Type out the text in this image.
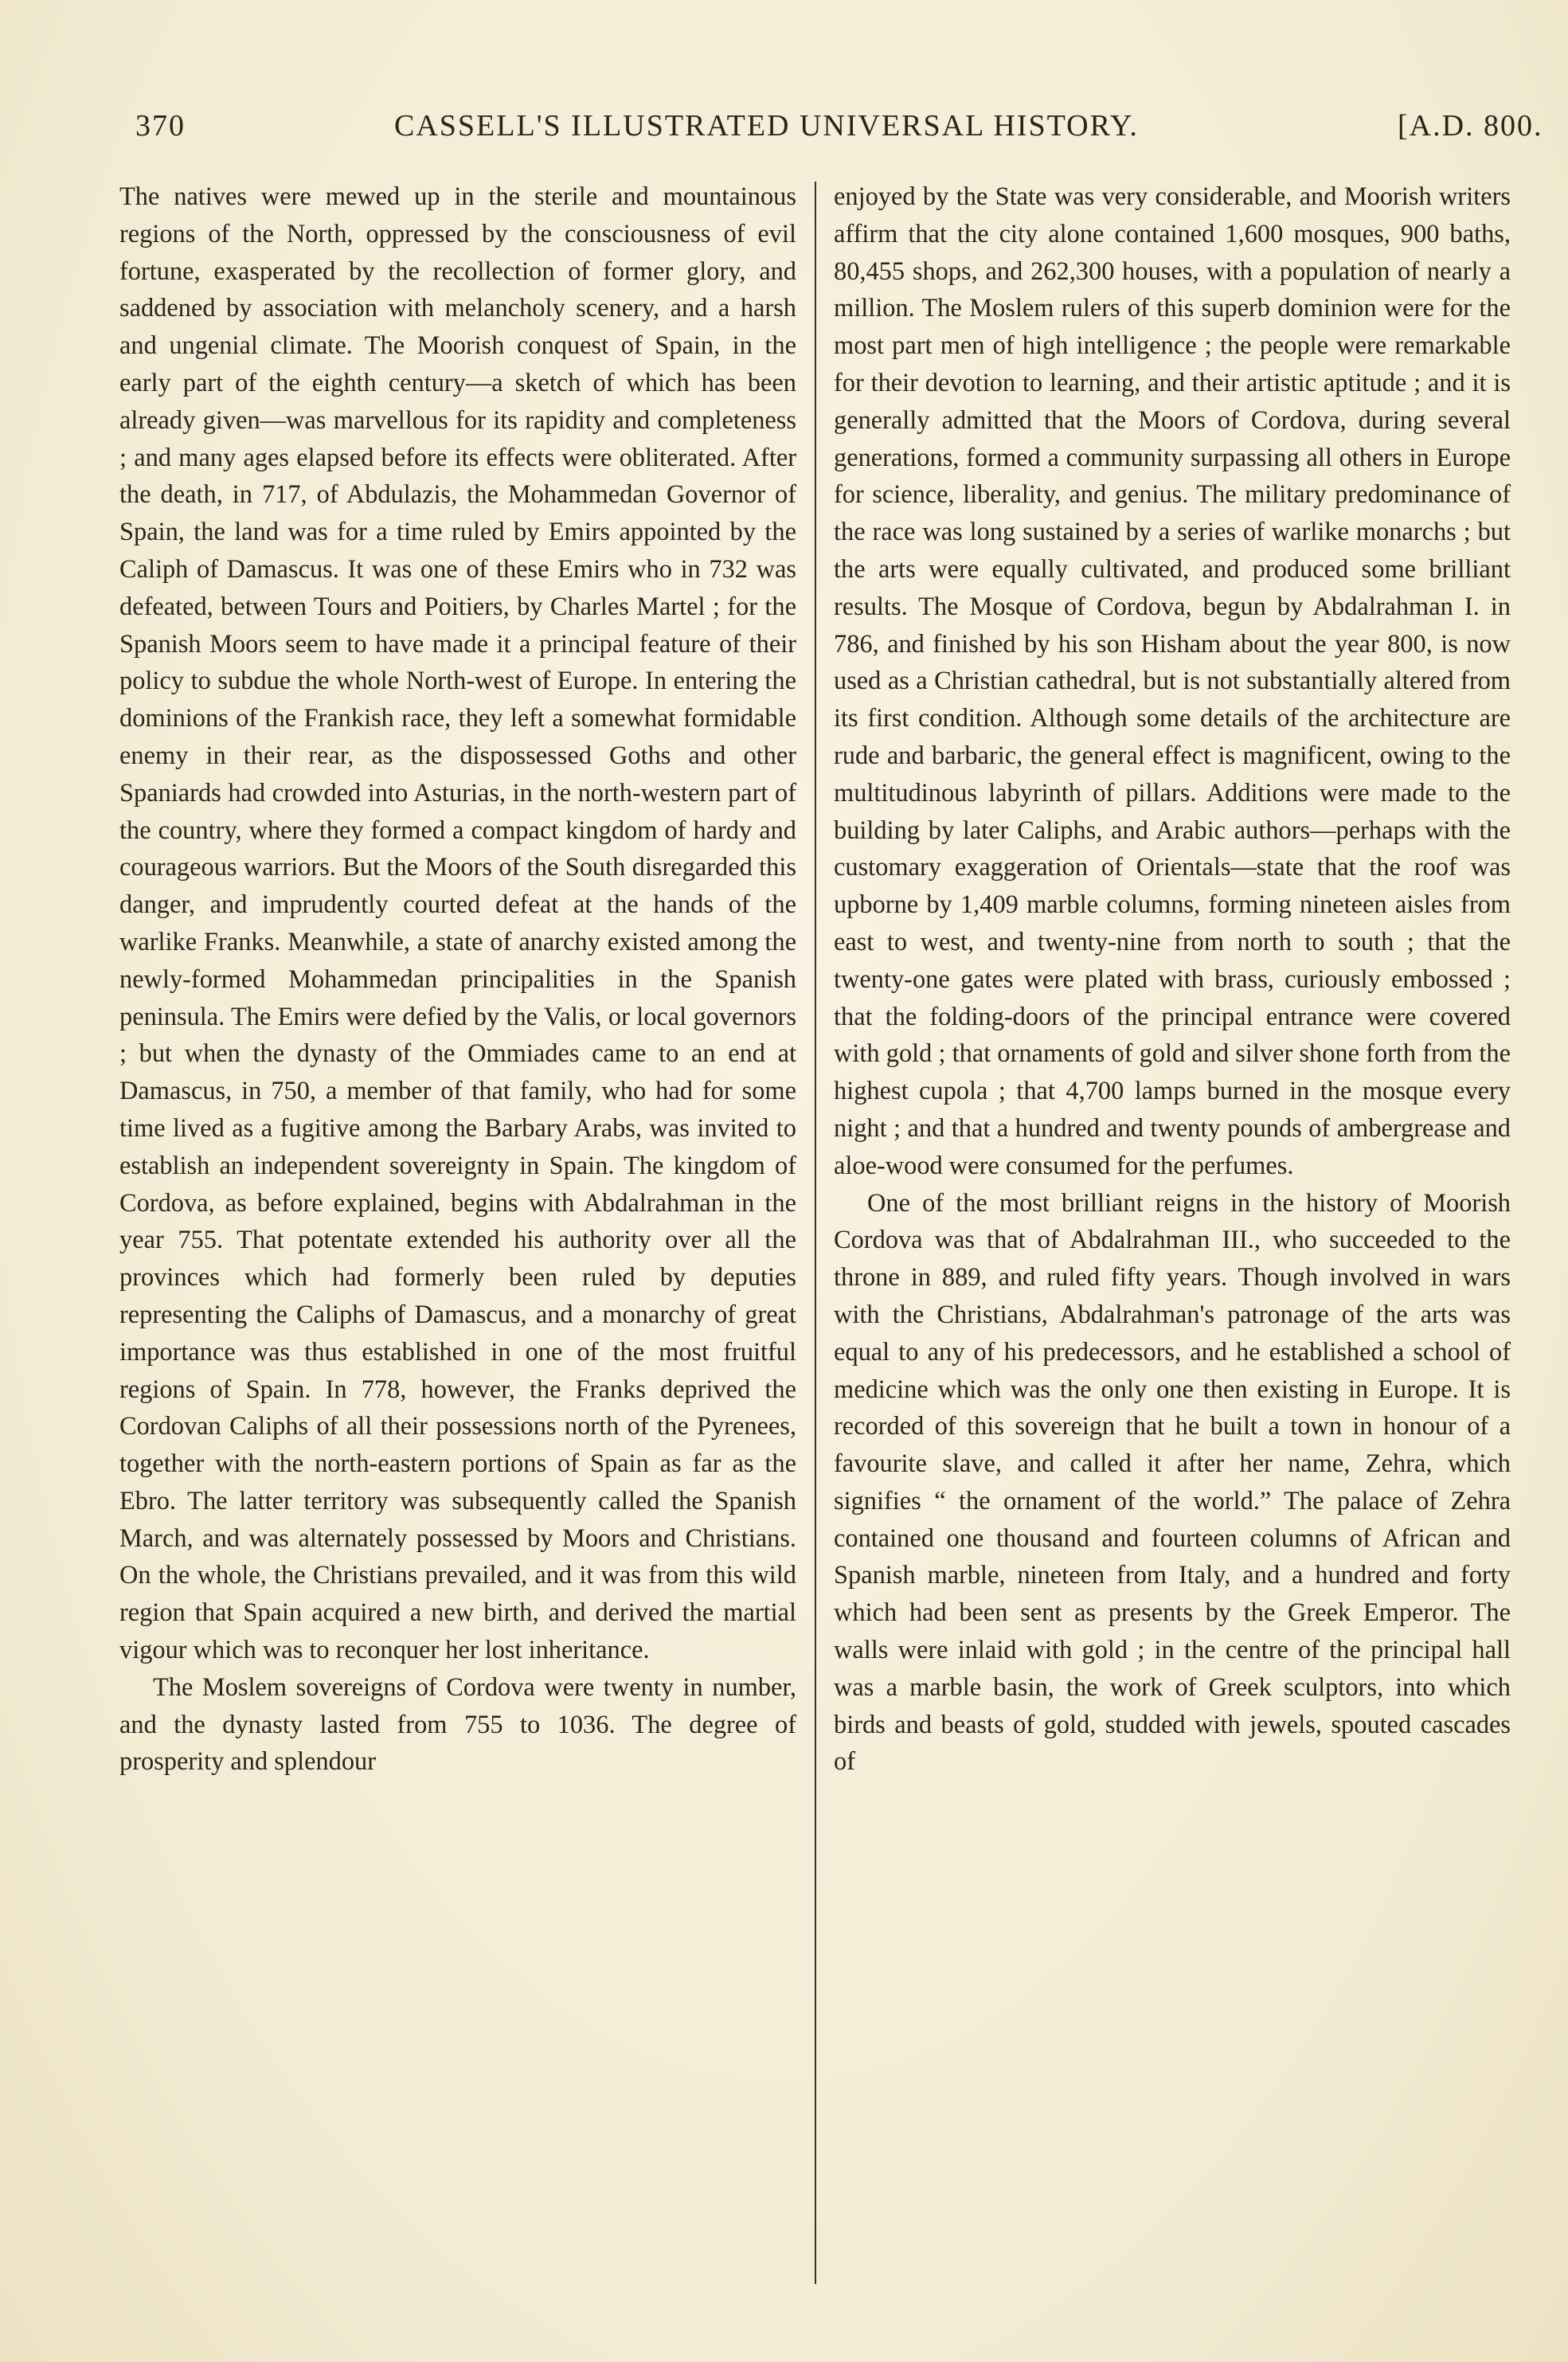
370	CASSELL'S ILLUSTRATED UNIVERSAL HISTORY.	[A.D. 800.

The natives were mewed up in the sterile and mountainous regions of the North, oppressed by the consciousness of evil fortune, exasperated by the recollection of former glory, and saddened by association with melancholy scenery, and a harsh and ungenial climate. The Moorish conquest of Spain, in the early part of the eighth century—a sketch of which has been already given—was marvellous for its rapidity and completeness ; and many ages elapsed before its effects were obliterated. After the death, in 717, of Abdulazis, the Mohammedan Governor of Spain, the land was for a time ruled by Emirs appointed by the Caliph of Damascus. It was one of these Emirs who in 732 was defeated, between Tours and Poitiers, by Charles Martel ; for the Spanish Moors seem to have made it a principal feature of their policy to subdue the whole North-west of Europe. In entering the dominions of the Frankish race, they left a somewhat formidable enemy in their rear, as the dispossessed Goths and other Spaniards had crowded into Asturias, in the north-western part of the country, where they formed a compact kingdom of hardy and courageous warriors. But the Moors of the South disregarded this danger, and imprudently courted defeat at the hands of the warlike Franks. Meanwhile, a state of anarchy existed among the newly-formed Mohammedan principalities in the Spanish peninsula. The Emirs were defied by the Valis, or local governors ; but when the dynasty of the Ommiades came to an end at Damascus, in 750, a member of that family, who had for some time lived as a fugitive among the Barbary Arabs, was invited to establish an independent sovereignty in Spain. The kingdom of Cordova, as before explained, begins with Abdalrahman in the year 755. That potentate extended his authority over all the provinces which had formerly been ruled by deputies representing the Caliphs of Damascus, and a monarchy of great importance was thus established in one of the most fruitful regions of Spain. In 778, however, the Franks deprived the Cordovan Caliphs of all their possessions north of the Pyrenees, together with the north-eastern portions of Spain as far as the Ebro. The latter territory was subsequently called the Spanish March, and was alternately possessed by Moors and Christians. On the whole, the Christians prevailed, and it was from this wild region that Spain acquired a new birth, and derived the martial vigour which was to reconquer her lost inheritance.

The Moslem sovereigns of Cordova were twenty in number, and the dynasty lasted from 755 to 1036. The degree of prosperity and splendour

enjoyed by the State was very considerable, and Moorish writers affirm that the city alone contained 1,600 mosques, 900 baths, 80,455 shops, and 262,300 houses, with a population of nearly a million. The Moslem rulers of this superb dominion were for the most part men of high intelligence ; the people were remarkable for their devotion to learning, and their artistic aptitude ; and it is generally admitted that the Moors of Cordova, during several generations, formed a community surpassing all others in Europe for science, liberality, and genius. The military predominance of the race was long sustained by a series of warlike monarchs ; but the arts were equally cultivated, and produced some brilliant results. The Mosque of Cordova, begun by Abdalrahman I. in 786, and finished by his son Hisham about the year 800, is now used as a Christian cathedral, but is not substantially altered from its first condition. Although some details of the architecture are rude and barbaric, the general effect is magnificent, owing to the multitudinous labyrinth of pillars. Additions were made to the building by later Caliphs, and Arabic authors—perhaps with the customary exaggeration of Orientals—state that the roof was upborne by 1,409 marble columns, forming nineteen aisles from east to west, and twenty-nine from north to south ; that the twenty-one gates were plated with brass, curiously embossed ; that the folding-doors of the principal entrance were covered with gold ; that ornaments of gold and silver shone forth from the highest cupola ; that 4,700 lamps burned in the mosque every night ; and that a hundred and twenty pounds of ambergrease and aloe-wood were consumed for the perfumes.

One of the most brilliant reigns in the history of Moorish Cordova was that of Abdalrahman III., who succeeded to the throne in 889, and ruled fifty years. Though involved in wars with the Christians, Abdalrahman's patronage of the arts was equal to any of his predecessors, and he established a school of medicine which was the only one then existing in Europe. It is recorded of this sovereign that he built a town in honour of a favourite slave, and called it after her name, Zehra, which signifies “ the ornament of the world.” The palace of Zehra contained one thousand and fourteen columns of African and Spanish marble, nineteen from Italy, and a hundred and forty which had been sent as presents by the Greek Emperor. The walls were inlaid with gold ; in the centre of the principal hall was a marble basin, the work of Greek sculptors, into which birds and beasts of gold, studded with jewels, spouted cascades of
